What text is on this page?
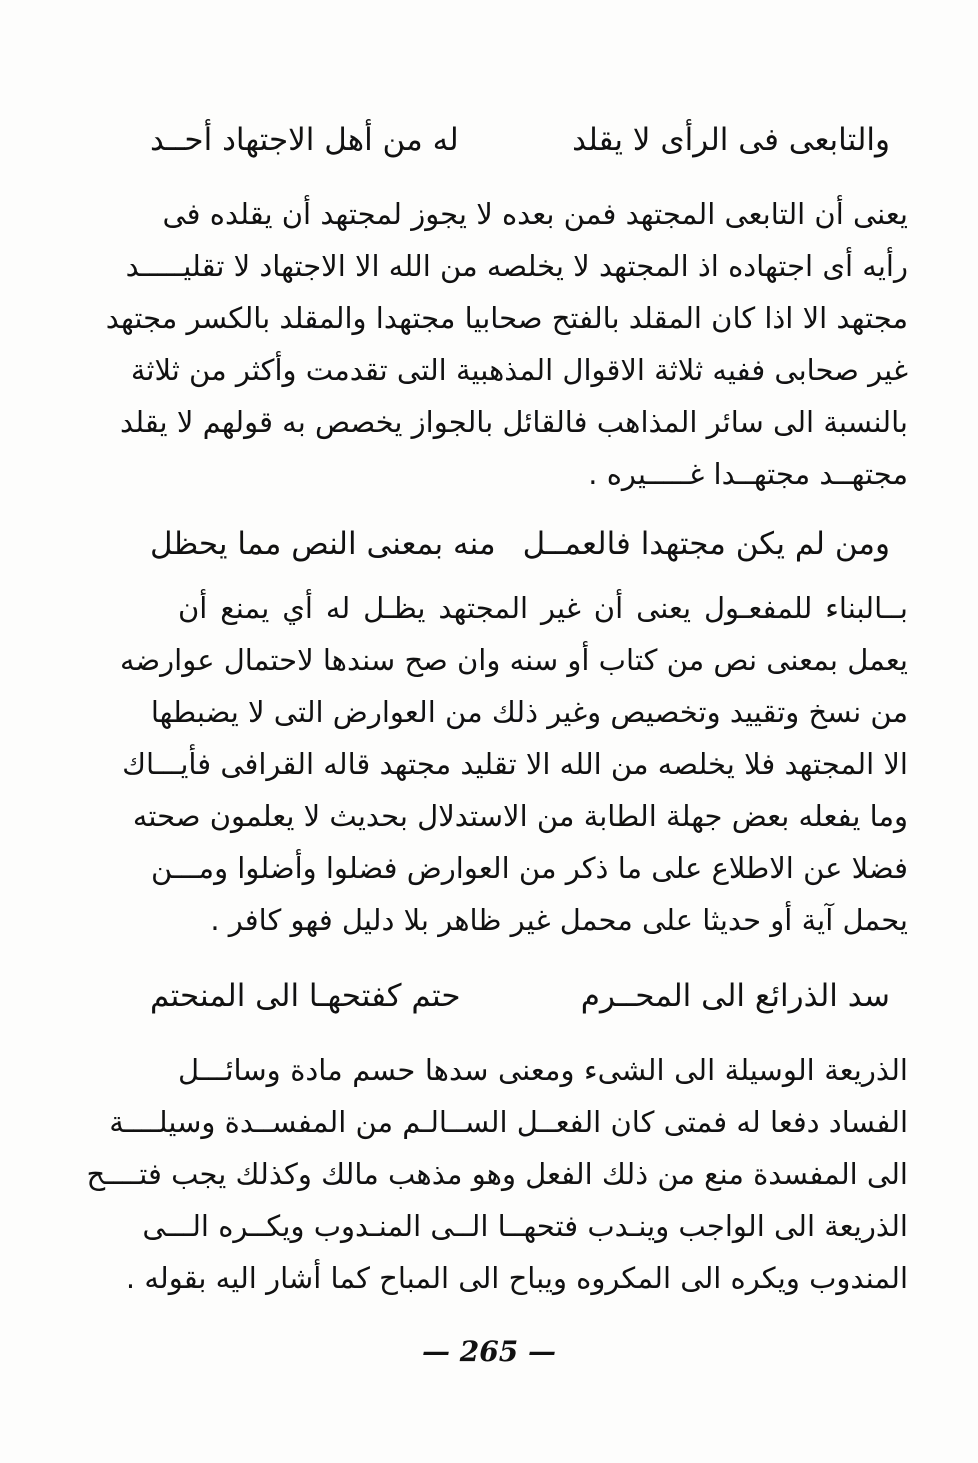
والتابعى فى الرأى لا يقلد
له من أهل الاجتهاد أحــد
يعنى أن التابعى المجتهد فمن بعده لا يجوز لمجتهد أن يقلده فى
رأيه أى اجتهاده اذ المجتهد لا يخلصه من الله الا الاجتهاد لا تقليـــــد
مجتهد الا اذا كان المقلد بالفتح صحابيا مجتهدا والمقلد بالكسر مجتهد
غير صحابى ففيه ثلاثة الاقوال المذهبية التى تقدمت وأكثر من ثلاثة
بالنسبة الى سائر المذاهب فالقائل بالجواز يخصص به قولهم لا يقلد
مجتهــد مجتهــدا غـــــيره .
ومن لم يكن مجتهدا فالعمــل
منه بمعنى النص مما يحظل
بــالبناء للمفعـول يعنى أن غير المجتهد يظـل له أي يمنع أن
يعمل بمعنى نص من كتاب أو سنه وان صح سندها لاحتمال عوارضه
من نسخ وتقييد وتخصيص وغير ذلك من العوارض التى لا يضبطها
الا المجتهد فلا يخلصه من الله الا تقليد مجتهد قاله القرافى فأيـــاك
وما يفعله بعض جهلة الطابة من الاستدلال بحديث لا يعلمون صحته
فضلا عن الاطلاع على ما ذكر من العوارض فضلوا وأضلوا ومـــن
يحمل آية أو حديثا على محمل غير ظاهر بلا دليل فهو كافر .
سد الذرائع الى المحــرم
حتم كفتحهـا الى المنحتم
الذريعة الوسيلة الى الشىء ومعنى سدها حسم مادة وسائـــل
الفساد دفعا له فمتى كان الفعــل الســالـم من المفســدة وسيلــــة
الى المفسدة منع من ذلك الفعل وهو مذهب مالك وكذلك يجب فتــــح
الذريعة الى الواجب وينـدب فتحهــا الــى المنـدوب ويكــره الـــى
المندوب ويكره الى المكروه ويباح الى المباح كما أشار اليه بقوله .
— 265 —
